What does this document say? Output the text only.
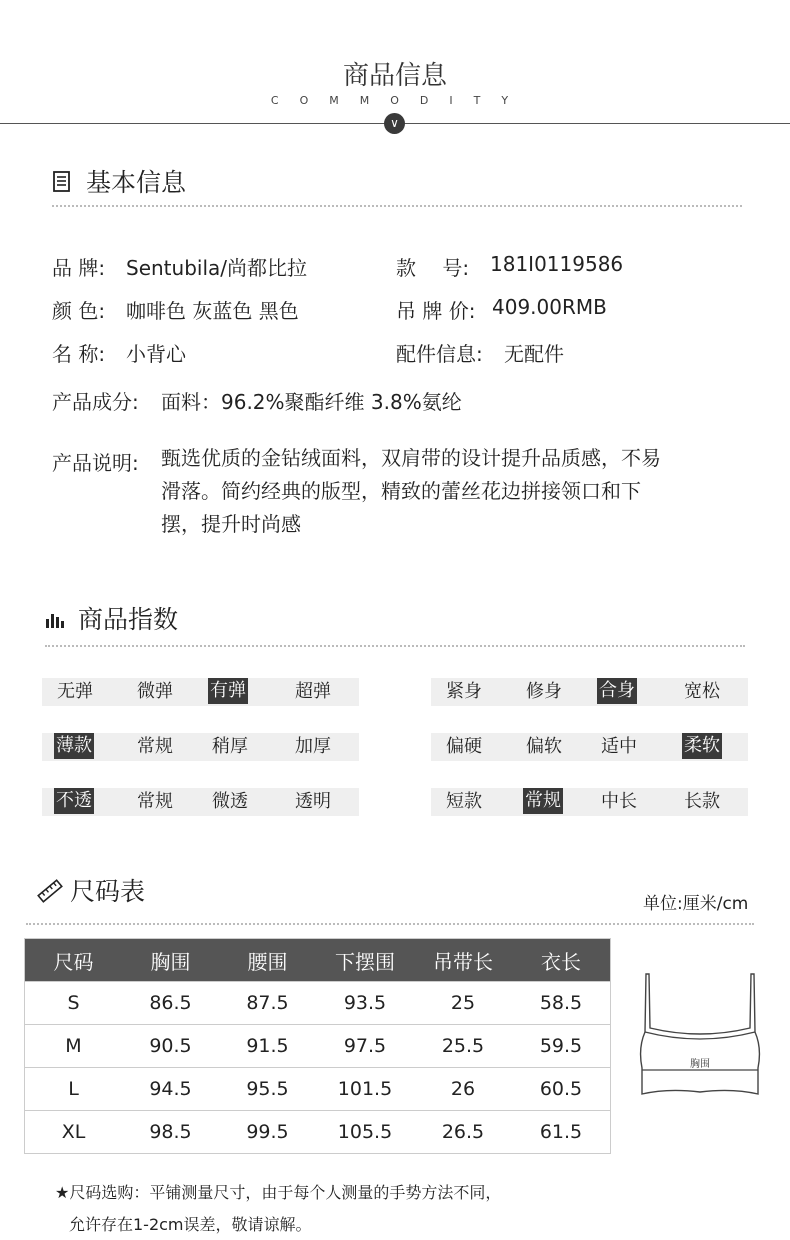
商品信息
COMMODITY
∨
基本信息
品 牌: Sentubila/尚都比拉	款　 号: 181I0119586
颜 色: 咖啡色 灰蓝色 黑色	吊 牌 价: 409.00RMB
名 称: 小背心	配件信息: 无配件
产品成分: 面料：96.2%聚酯纤维 3.8%氨纶
产品说明: 甄选优质的金钻绒面料，双肩带的设计提升品质感，不易
滑落。简约经典的版型，精致的蕾丝花边拼接领口和下
摆，提升时尚感
商品指数
无弹 微弹 有弹	超弹	紧身 修身 合身	宽松
薄款	常规 稍厚	加厚	偏硬 偏软 适中	柔软
不透	常规 微透	透明	短款 常规 中长	长款
尺码表	单位:厘米/cm
尺码	胸围	腰围	下摆围	吊带长	衣长
S	86.5	87.5	93.5	25	58.5
M	90.5	91.5	97.5	25.5	59.5
L	94.5	95.5	101.5	26	60.5
XL	98.5	99.5	105.5	26.5	61.5
胸围
★尺码选购：平铺测量尺寸，由于每个人测量的手势方法不同，
允许存在1-2cm误差，敬请谅解。
